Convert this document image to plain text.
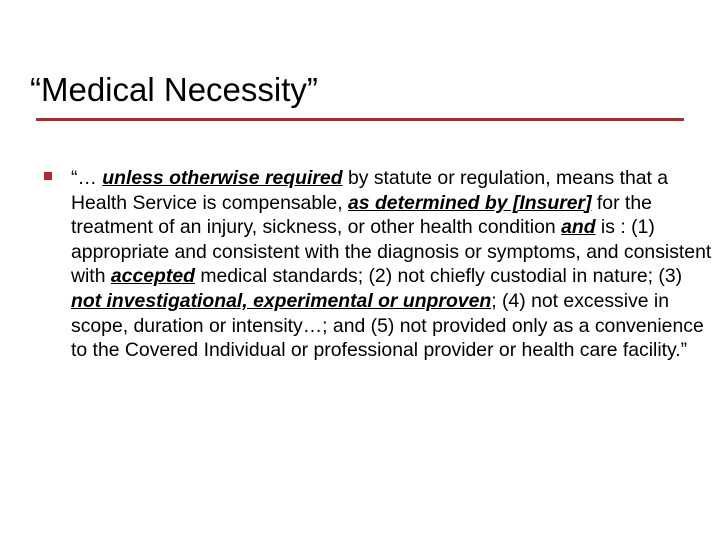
“Medical Necessity”

“… unless otherwise required by statute or regulation, means that a Health Service is compensable, as determined by [Insurer] for the treatment of an injury, sickness, or other health condition and is : (1) appropriate and consistent with the diagnosis or symptoms, and consistent with accepted medical standards; (2) not chiefly custodial in nature; (3) not investigational, experimental or unproven; (4) not excessive in scope, duration or intensity…; and (5) not provided only as a convenience to the Covered Individual or professional provider or health care facility.”
